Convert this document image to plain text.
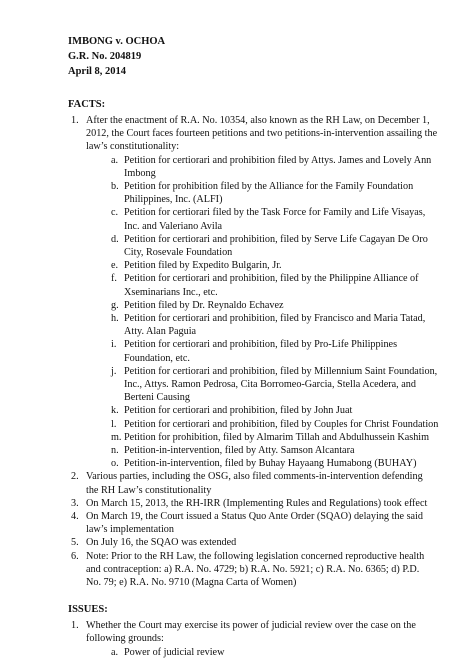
IMBONG v. OCHOA
G.R. No. 204819
April 8, 2014
FACTS:
1. After the enactment of R.A. No. 10354, also known as the RH Law, on December 1,
2012, the Court faces fourteen petitions and two petitions-in-intervention assailing the
law’s constitutionality:
a. Petition for certiorari and prohibition filed by Attys. James and Lovely Ann
Imbong
b. Petition for prohibition filed by the Alliance for the Family Foundation
Philippines, Inc. (ALFI)
c. Petition for certiorari filed by the Task Force for Family and Life Visayas,
Inc. and Valeriano Avila
d. Petition for certiorari and prohibition, filed by Serve Life Cagayan De Oro
City, Rosevale Foundation
e. Petition filed by Expedito Bulgarin, Jr.
f. Petition for certiorari and prohibition, filed by the Philippine Alliance of
Xseminarians Inc., etc.
g. Petition filed by Dr. Reynaldo Echavez
h. Petition for certiorari and prohibition, filed by Francisco and Maria Tatad,
Atty. Alan Paguia
i. Petition for certiorari and prohibition, filed by Pro-Life Philippines
Foundation, etc.
j. Petition for certiorari and prohibition, filed by Millennium Saint Foundation,
Inc., Attys. Ramon Pedrosa, Cita Borromeo-Garcia, Stella Acedera, and
Berteni Causing
k. Petition for certiorari and prohibition, filed by John Juat
l. Petition for certiorari and prohibition, filed by Couples for Christ Foundation
m. Petition for prohibition, filed by Almarim Tillah and Abdulhussein Kashim
n. Petition-in-intervention, filed by Atty. Samson Alcantara
o. Petition-in-intervention, filed by Buhay Hayaang Humabong (BUHAY)
2. Various parties, including the OSG, also filed comments-in-intervention defending
the RH Law’s constitutionality
3. On March 15, 2013, the RH-IRR (Implementing Rules and Regulations) took effect
4. On March 19, the Court issued a Status Quo Ante Order (SQAO) delaying the said
law’s implementation
5. On July 16, the SQAO was extended
6. Note: Prior to the RH Law, the following legislation concerned reproductive health
and contraception: a) R.A. No. 4729; b) R.A. No. 5921; c) R.A. No. 6365; d) P.D.
No. 79; e) R.A. No. 9710 (Magna Carta of Women)
ISSUES:
1. Whether the Court may exercise its power of judicial review over the case on the
following grounds:
a. Power of judicial review
